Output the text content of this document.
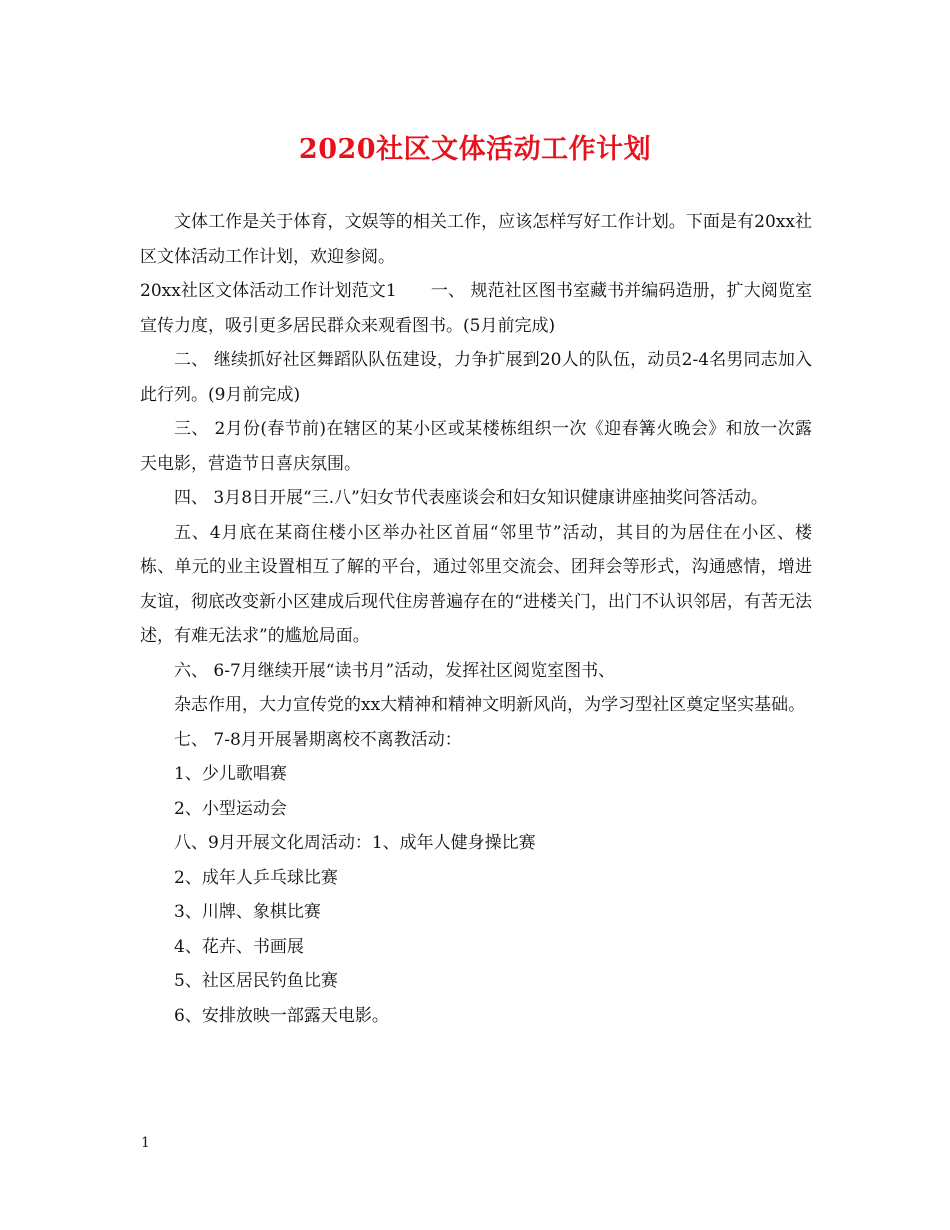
2020社区文体活动工作计划

文体工作是关于体育，文娱等的相关工作，应该怎样写好工作计划。下面是有20xx社区文体活动工作计划，欢迎参阅。

20xx社区文体活动工作计划范文1　　一、 规范社区图书室藏书并编码造册，扩大阅览室宣传力度，吸引更多居民群众来观看图书。(5月前完成)

二、 继续抓好社区舞蹈队队伍建设，力争扩展到20人的队伍，动员2-4名男同志加入此行列。(9月前完成)

三、 2月份(春节前)在辖区的某小区或某楼栋组织一次《迎春篝火晚会》和放一次露天电影，营造节日喜庆氛围。

四、 3月8日开展“三.八”妇女节代表座谈会和妇女知识健康讲座抽奖问答活动。

五、4月底在某商住楼小区举办社区首届“邻里节”活动，其目的为居住在小区、楼栋、单元的业主设置相互了解的平台，通过邻里交流会、团拜会等形式，沟通感情，增进友谊，彻底改变新小区建成后现代住房普遍存在的“进楼关门，出门不认识邻居，有苦无法述，有难无法求”的尴尬局面。

六、 6-7月继续开展“读书月”活动，发挥社区阅览室图书、

杂志作用，大力宣传党的xx大精神和精神文明新风尚，为学习型社区奠定坚实基础。

七、 7-8月开展暑期离校不离教活动：

1、少儿歌唱赛

2、小型运动会

八、9月开展文化周活动：1、成年人健身操比赛

2、成年人乒乓球比赛

3、川牌、象棋比赛

4、花卉、书画展

5、社区居民钓鱼比赛

6、安排放映一部露天电影。

1
